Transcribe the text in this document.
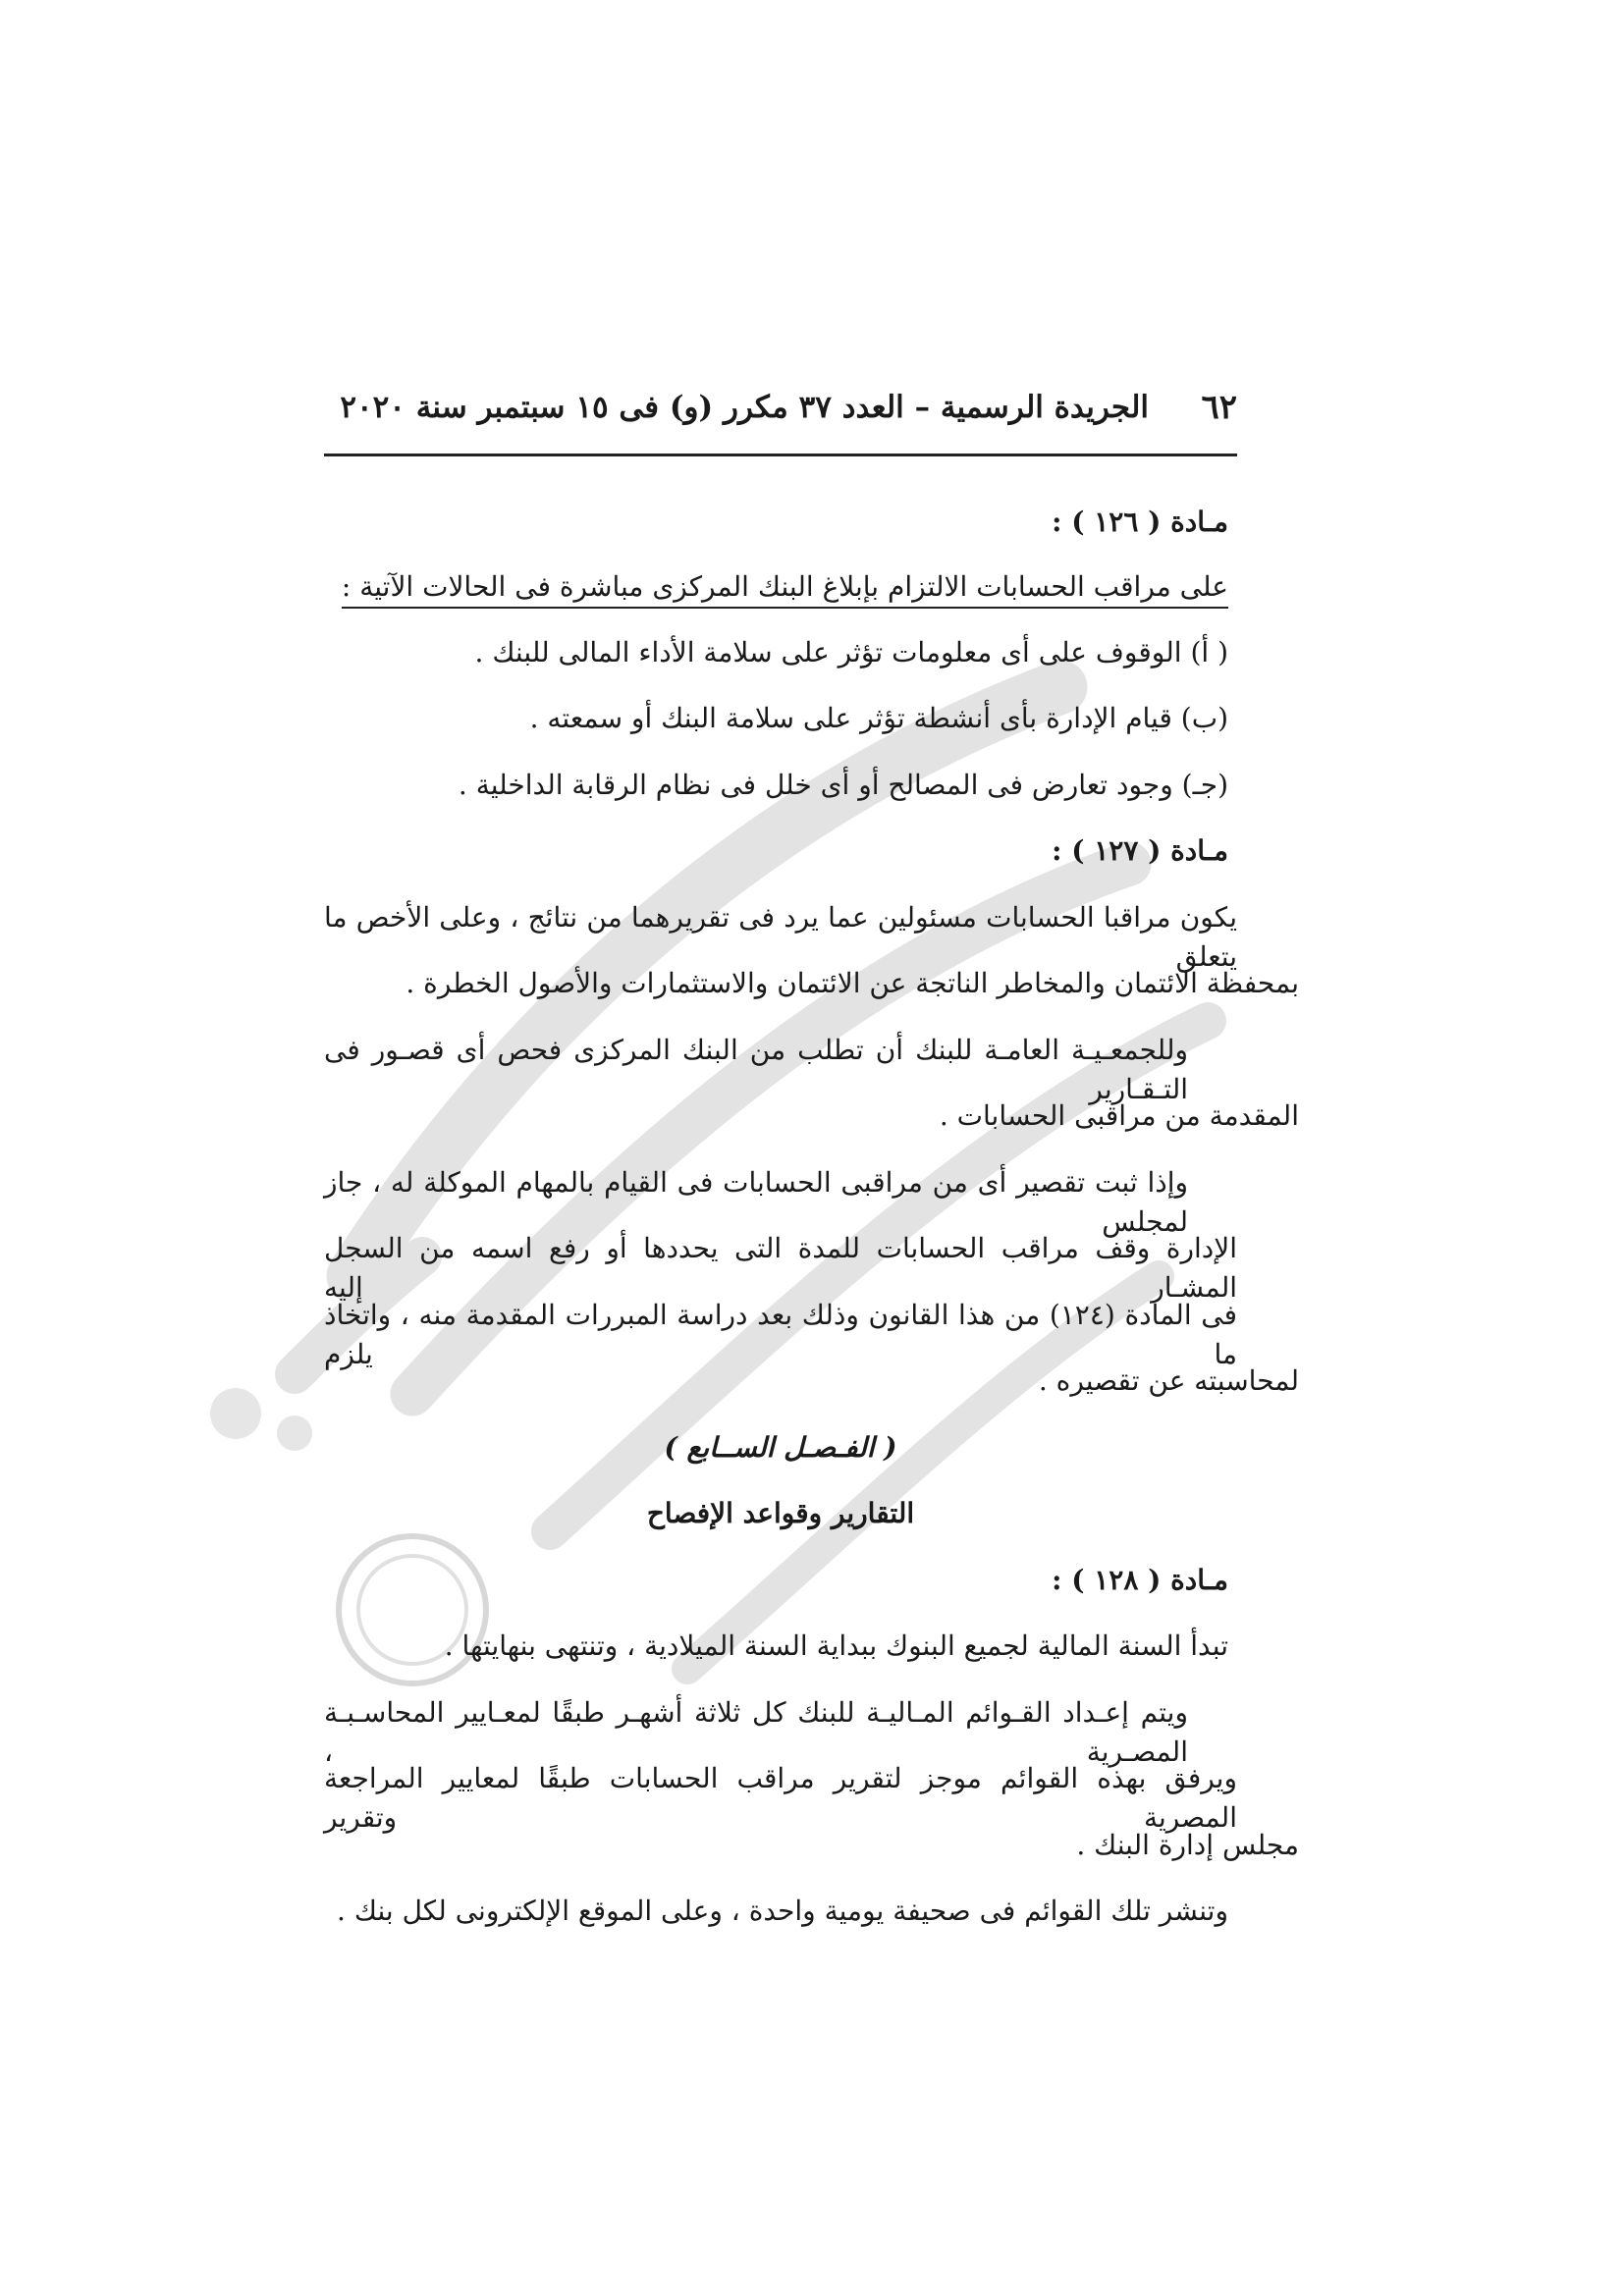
٦٢
الجريدة الرسمية – العدد ٣٧ مكرر (و) فى ١٥ سبتمبر سنة ٢٠٢٠
مـادة ( ١٢٦ ) :
على مراقب الحسابات الالتزام بإبلاغ البنك المركزى مباشرة فى الحالات الآتية :
( أ) الوقوف على أى معلومات تؤثر على سلامة الأداء المالى للبنك .
(ب) قيام الإدارة بأى أنشطة تؤثر على سلامة البنك أو سمعته .
(جـ) وجود تعارض فى المصالح أو أى خلل فى نظام الرقابة الداخلية .
مـادة ( ١٢٧ ) :
يكون مراقبا الحسابات مسئولين عما يرد فى تقريرهما من نتائج ، وعلى الأخص ما يتعلق
بمحفظة الائتمان والمخاطر الناتجة عن الائتمان والاستثمارات والأصول الخطرة .
وللجمعـيـة العامـة للبنك أن تطلب من البنك المركزى فحص أى قصـور فى التـقـارير
المقدمة من مراقبى الحسابات .
وإذا ثبت تقصير أى من مراقبى الحسابات فى القيام بالمهام الموكلة له ، جاز لمجلس
الإدارة وقف مراقب الحسابات للمدة التى يحددها أو رفع اسمه من السجل المشـار إليه
فى المادة (١٢٤) من هذا القانون وذلك بعد دراسة المبررات المقدمة منه ، واتخاذ ما يلزم
لمحاسبته عن تقصيره .
( الفـصـل الســابع )
التقارير وقواعد الإفصاح
مـادة ( ١٢٨ ) :
تبدأ السنة المالية لجميع البنوك ببداية السنة الميلادية ، وتنتهى بنهايتها .
ويتم إعـداد القـوائم المـاليـة للبنك كل ثلاثة أشهـر طبقًا لمعـايير المحاسـبـة المصـرية ،
ويرفق بهذه القوائم موجز لتقرير مراقب الحسابات طبقًا لمعايير المراجعة المصرية وتقرير
مجلس إدارة البنك .
وتنشر تلك القوائم فى صحيفة يومية واحدة ، وعلى الموقع الإلكترونى لكل بنك .
